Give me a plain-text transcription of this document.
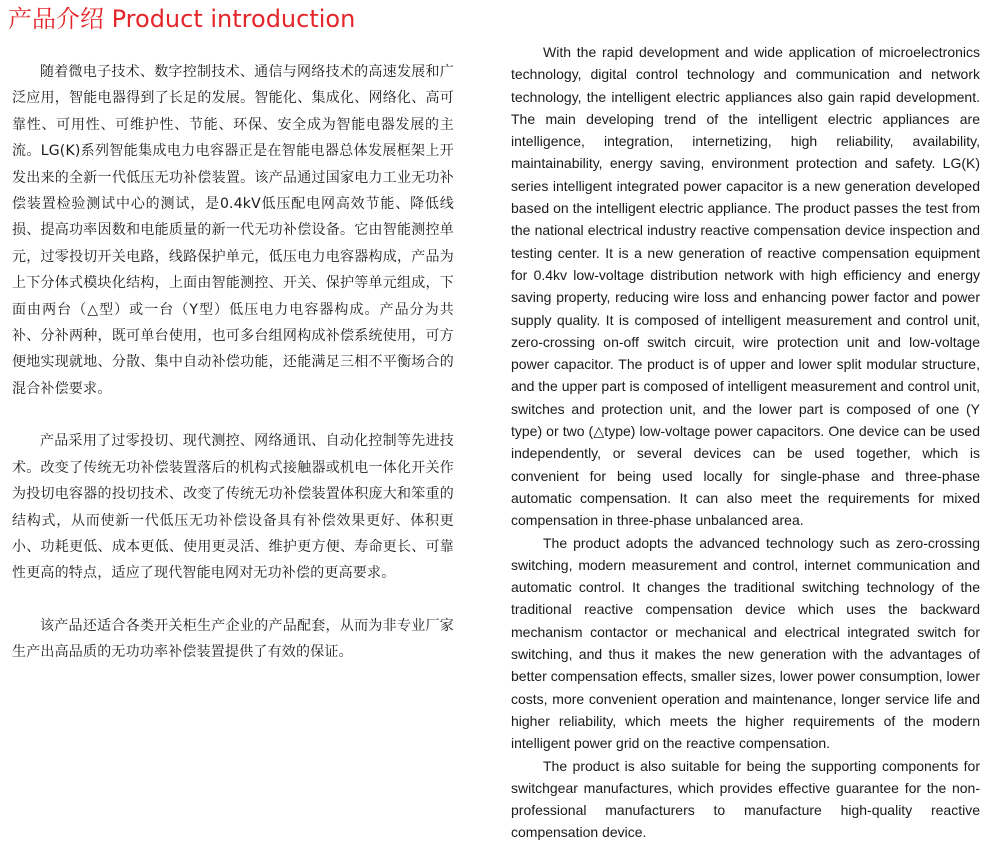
产品介绍 Product introduction

随着微电子技术、数字控制技术、通信与网络技术的高速发展和广泛应用，智能电器得到了长足的发展。智能化、集成化、网络化、高可靠性、可用性、可维护性、节能、环保、安全成为智能电器发展的主流。LG(K)系列智能集成电力电容器正是在智能电器总体发展框架上开发出来的全新一代低压无功补偿装置。该产品通过国家电力工业无功补偿装置检验测试中心的测试，是0.4kV低压配电网高效节能、降低线损、提高功率因数和电能质量的新一代无功补偿设备。它由智能测控单元，过零投切开关电路，线路保护单元，低压电力电容器构成，产品为上下分体式模块化结构，上面由智能测控、开关、保护等单元组成，下面由两台（△型）或一台（Y型）低压电力电容器构成。产品分为共补、分补两种，既可单台使用，也可多台组网构成补偿系统使用，可方便地实现就地、分散、集中自动补偿功能，还能满足三相不平衡场合的混合补偿要求。

产品采用了过零投切、现代测控、网络通讯、自动化控制等先进技术。改变了传统无功补偿装置落后的机构式接触器或机电一体化开关作为投切电容器的投切技术、改变了传统无功补偿装置体积庞大和笨重的结构式，从而使新一代低压无功补偿设备具有补偿效果更好、体积更小、功耗更低、成本更低、使用更灵活、维护更方便、寿命更长、可靠性更高的特点，适应了现代智能电网对无功补偿的更高要求。

该产品还适合各类开关柜生产企业的产品配套，从而为非专业厂家生产出高品质的无功功率补偿装置提供了有效的保证。

With the rapid development and wide application of microelectronics technology, digital control technology and communication and network technology, the intelligent electric appliances also gain rapid development. The main developing trend of the intelligent electric appliances are intelligence, integration, internetizing, high reliability, availability, maintainability, energy saving, environment protection and safety. LG(K) series intelligent integrated power capacitor is a new generation developed based on the intelligent electric appliance. The product passes the test from the national electrical industry reactive compensation device inspection and testing center. It is a new generation of reactive compensation equipment for 0.4kv low-voltage distribution network with high efficiency and energy saving property, reducing wire loss and enhancing power factor and power supply quality. It is composed of intelligent measurement and control unit, zero-crossing on-off switch circuit, wire protection unit and low-voltage power capacitor. The product is of upper and lower split modular structure, and the upper part is composed of intelligent measurement and control unit, switches and protection unit, and the lower part is composed of one (Y type) or two (△type) low-voltage power capacitors. One device can be used independently, or several devices can be used together, which is convenient for being used locally for single-phase and three-phase automatic compensation. It can also meet the requirements for mixed compensation in three-phase unbalanced area.

The product adopts the advanced technology such as zero-crossing switching, modern measurement and control, internet communication and automatic control. It changes the traditional switching technology of the traditional reactive compensation device which uses the backward mechanism contactor or mechanical and electrical integrated switch for switching, and thus it makes the new generation with the advantages of better compensation effects, smaller sizes, lower power consumption, lower costs, more convenient operation and maintenance, longer service life and higher reliability, which meets the higher requirements of the modern intelligent power grid on the reactive compensation.

The product is also suitable for being the supporting components for switchgear manufactures, which provides effective guarantee for the non-professional manufacturers to manufacture high-quality reactive compensation device.
